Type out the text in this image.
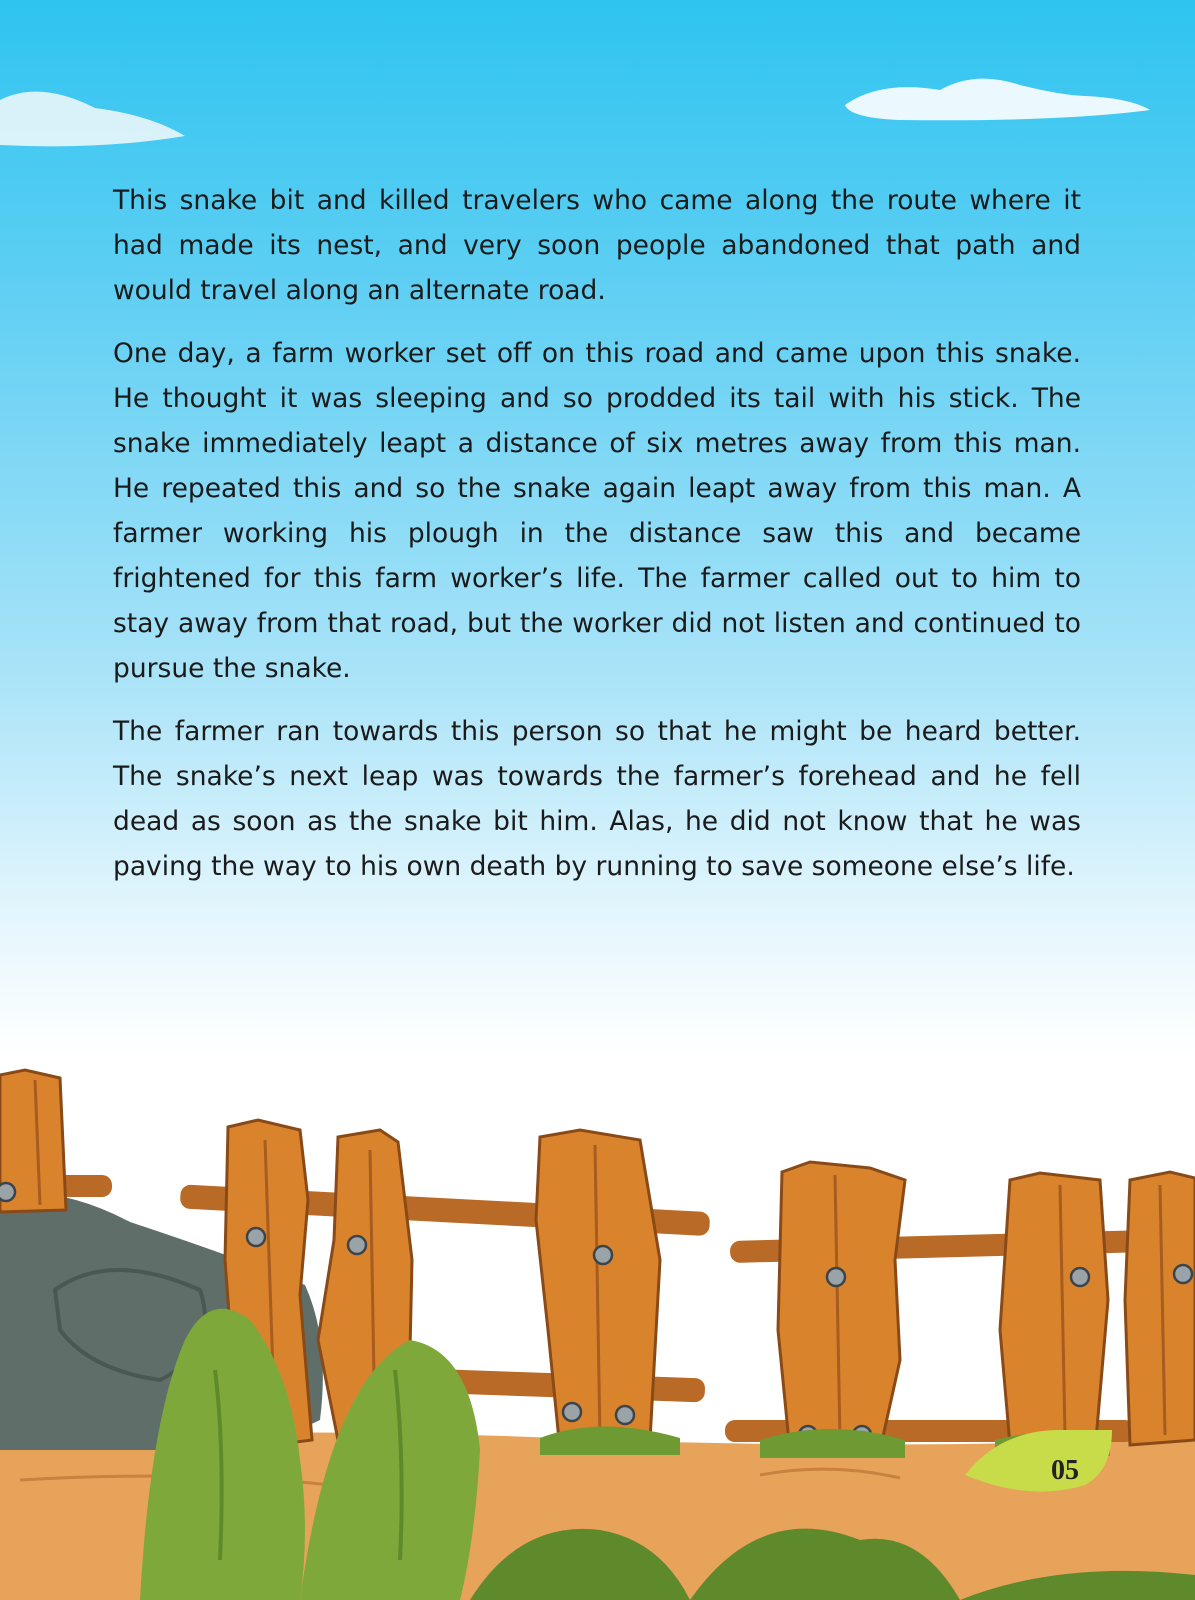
This snake bit and killed travelers who came along the route where it had made its nest, and very soon people abandoned that path and would travel along an alternate road.

One day, a farm worker set off on this road and came upon this snake. He thought it was sleeping and so prodded its tail with his stick. The snake immediately leapt a distance of six metres away from this man. He repeated this and so the snake again leapt away from this man. A farmer working his plough in the distance saw this and became frightened for this farm worker’s life. The farmer called out to him to stay away from that road, but the worker did not listen and continued to pursue the snake.

The farmer ran towards this person so that he might be heard better. The snake’s next leap was towards the farmer’s forehead and he fell dead as soon as the snake bit him. Alas, he did not know that he was paving the way to his own death by running to save someone else’s life.

05
